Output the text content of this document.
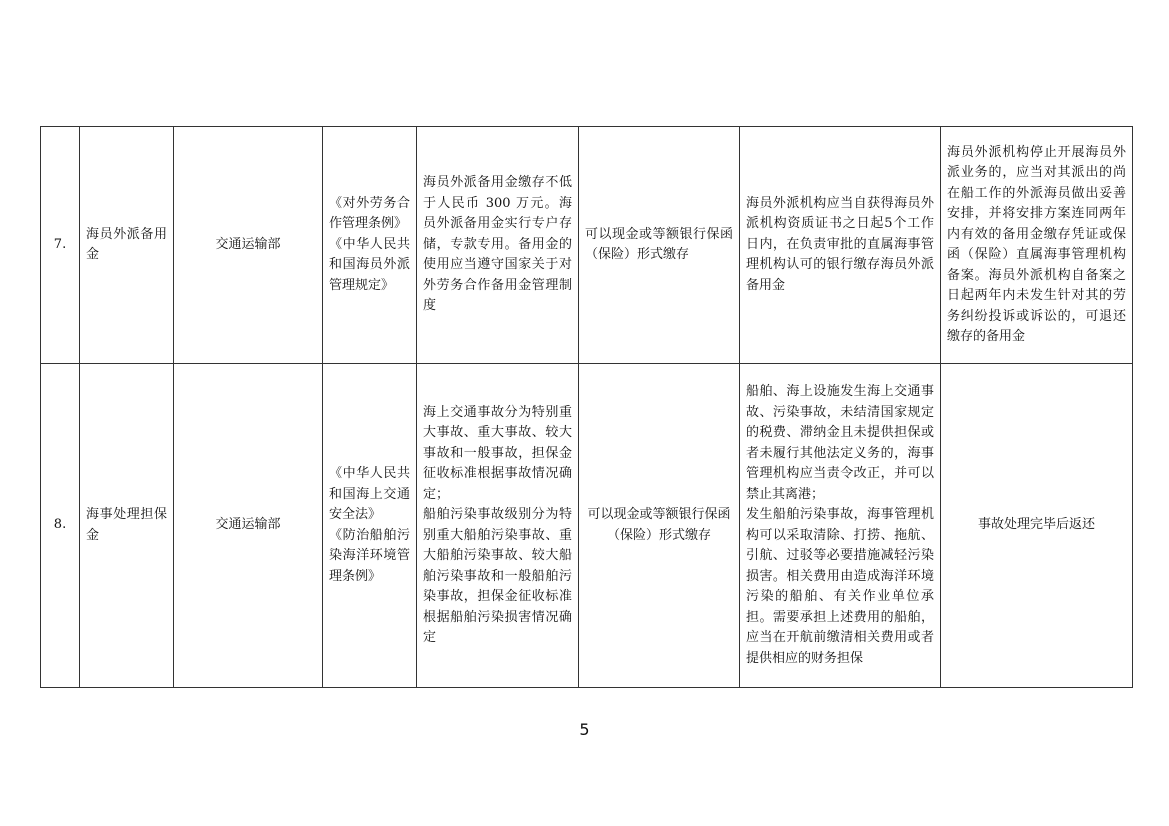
7.	海员外派备用金	交通运输部	《对外劳务合作管理条例》
《中华人民共和国海员外派管理规定》	海员外派备用金缴存不低于人民币 300 万元。海员外派备用金实行专户存储，专款专用。备用金的使用应当遵守国家关于对外劳务合作备用金管理制度	可以现金或等额银行保函（保险）形式缴存	海员外派机构应当自获得海员外派机构资质证书之日起5个工作日内，在负责审批的直属海事管理机构认可的银行缴存海员外派备用金	海员外派机构停止开展海员外派业务的，应当对其派出的尚在船工作的外派海员做出妥善安排，并将安排方案连同两年内有效的备用金缴存凭证或保函（保险）直属海事管理机构备案。海员外派机构自备案之日起两年内未发生针对其的劳务纠纷投诉或诉讼的，可退还缴存的备用金
8.	海事处理担保金	交通运输部	《中华人民共和国海上交通安全法》
《防治船舶污染海洋环境管理条例》	海上交通事故分为特别重大事故、重大事故、较大事故和一般事故，担保金征收标准根据事故情况确定；
船舶污染事故级别分为特别重大船舶污染事故、重大船舶污染事故、较大船舶污染事故和一般船舶污染事故，担保金征收标准根据船舶污染损害情况确定	可以现金或等额银行保函（保险）形式缴存	船舶、海上设施发生海上交通事故、污染事故，未结清国家规定的税费、滞纳金且未提供担保或者未履行其他法定义务的，海事管理机构应当责令改正，并可以禁止其离港；
发生船舶污染事故，海事管理机构可以采取清除、打捞、拖航、引航、过驳等必要措施减轻污染损害。相关费用由造成海洋环境污染的船舶、有关作业单位承担。需要承担上述费用的船舶，应当在开航前缴清相关费用或者提供相应的财务担保	事故处理完毕后返还
5
